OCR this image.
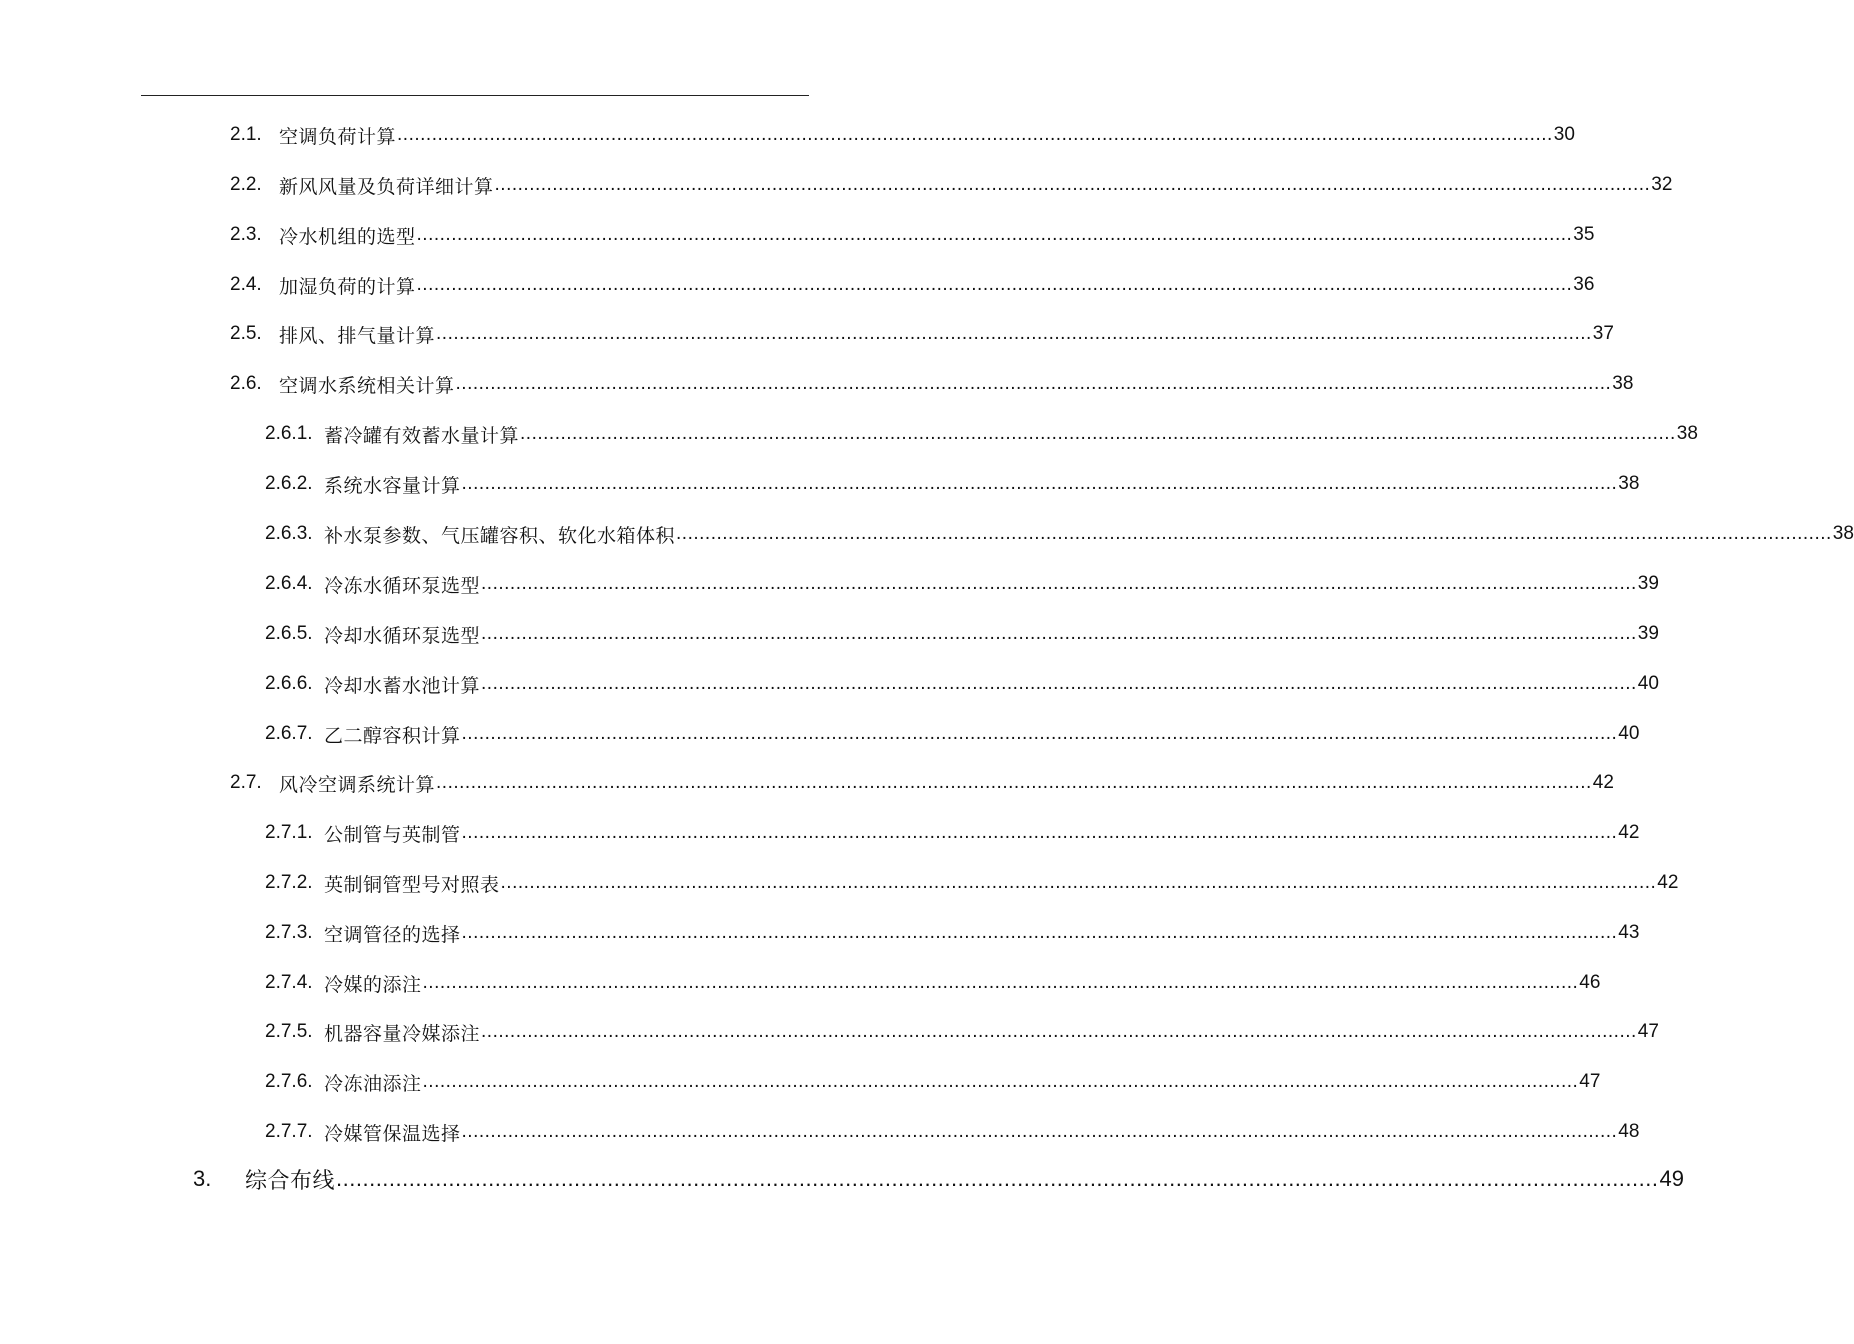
2.1. 空调负荷计算 ........................................................................................................................................................................................................ 30
2.2. 新风风量及负荷详细计算 ........................................................................................................................................................................................................ 32
2.3. 冷水机组的选型 ........................................................................................................................................................................................................ 35
2.4. 加湿负荷的计算 ........................................................................................................................................................................................................ 36
2.5. 排风、排气量计算 ........................................................................................................................................................................................................ 37
2.6. 空调水系统相关计算 ........................................................................................................................................................................................................ 38
2.6.1. 蓄冷罐有效蓄水量计算 ........................................................................................................................................................................................................ 38
2.6.2. 系统水容量计算 ........................................................................................................................................................................................................ 38
2.6.3. 补水泵参数、气压罐容积、软化水箱体积 ........................................................................................................................................................................................................ 38
2.6.4. 冷冻水循环泵选型 ........................................................................................................................................................................................................ 39
2.6.5. 冷却水循环泵选型 ........................................................................................................................................................................................................ 39
2.6.6. 冷却水蓄水池计算 ........................................................................................................................................................................................................ 40
2.6.7. 乙二醇容积计算 ........................................................................................................................................................................................................ 40
2.7. 风冷空调系统计算 ........................................................................................................................................................................................................ 42
2.7.1. 公制管与英制管 ........................................................................................................................................................................................................ 42
2.7.2. 英制铜管型号对照表 ........................................................................................................................................................................................................ 42
2.7.3. 空调管径的选择 ........................................................................................................................................................................................................ 43
2.7.4. 冷媒的添注 ........................................................................................................................................................................................................ 46
2.7.5. 机器容量冷媒添注 ........................................................................................................................................................................................................ 47
2.7.6. 冷冻油添注 ........................................................................................................................................................................................................ 47
2.7.7. 冷媒管保温选择 ........................................................................................................................................................................................................ 48
3.	综合布线 ........................................................................................................................................................................................................ 49
